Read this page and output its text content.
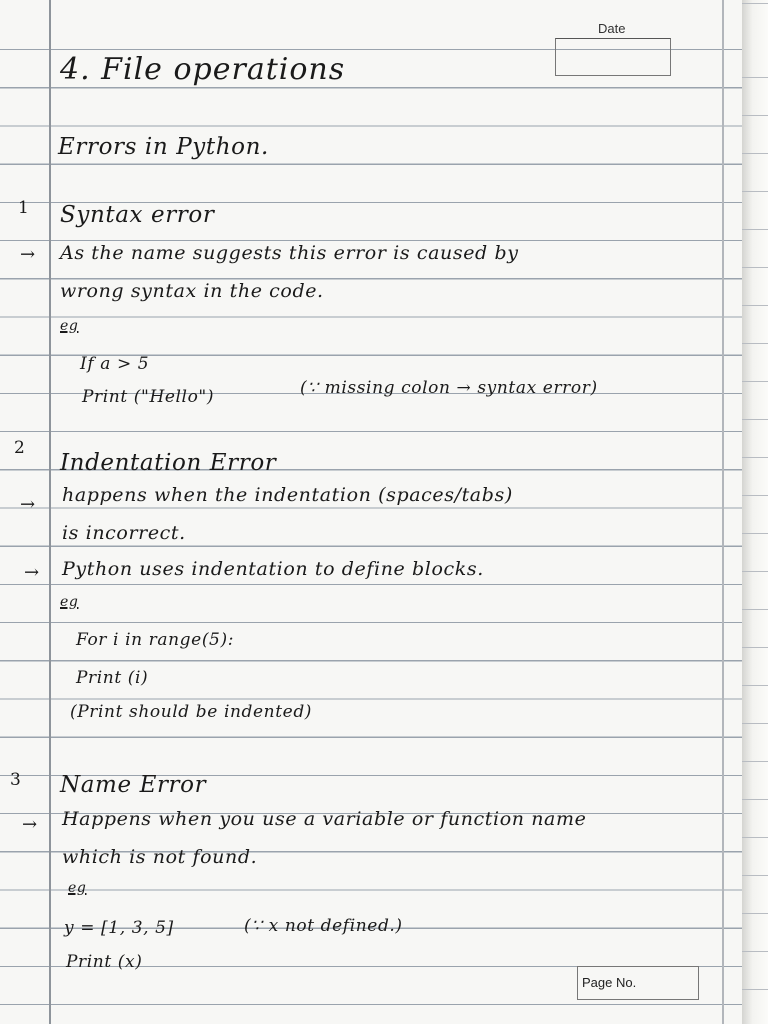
Date
4. File operations
Errors in Python.
1 Syntax error
→ As the name suggests this error is caused by
wrong syntax in the code.
eg
If a > 5
Print ("Hello")	(∵ missing colon → syntax error)
2
Indentation Error
→ happens when the indentation (spaces/tabs)
is incorrect.
→ Python uses indentation to define blocks.
eg
For i in range(5):
Print (i)
(Print should be indented)
3 Name Error
→ Happens when you use a variable or function name
which is not found.
eg
y = [1, 3, 5]	(∵ x not defined.)
Print (x)
Page No.
